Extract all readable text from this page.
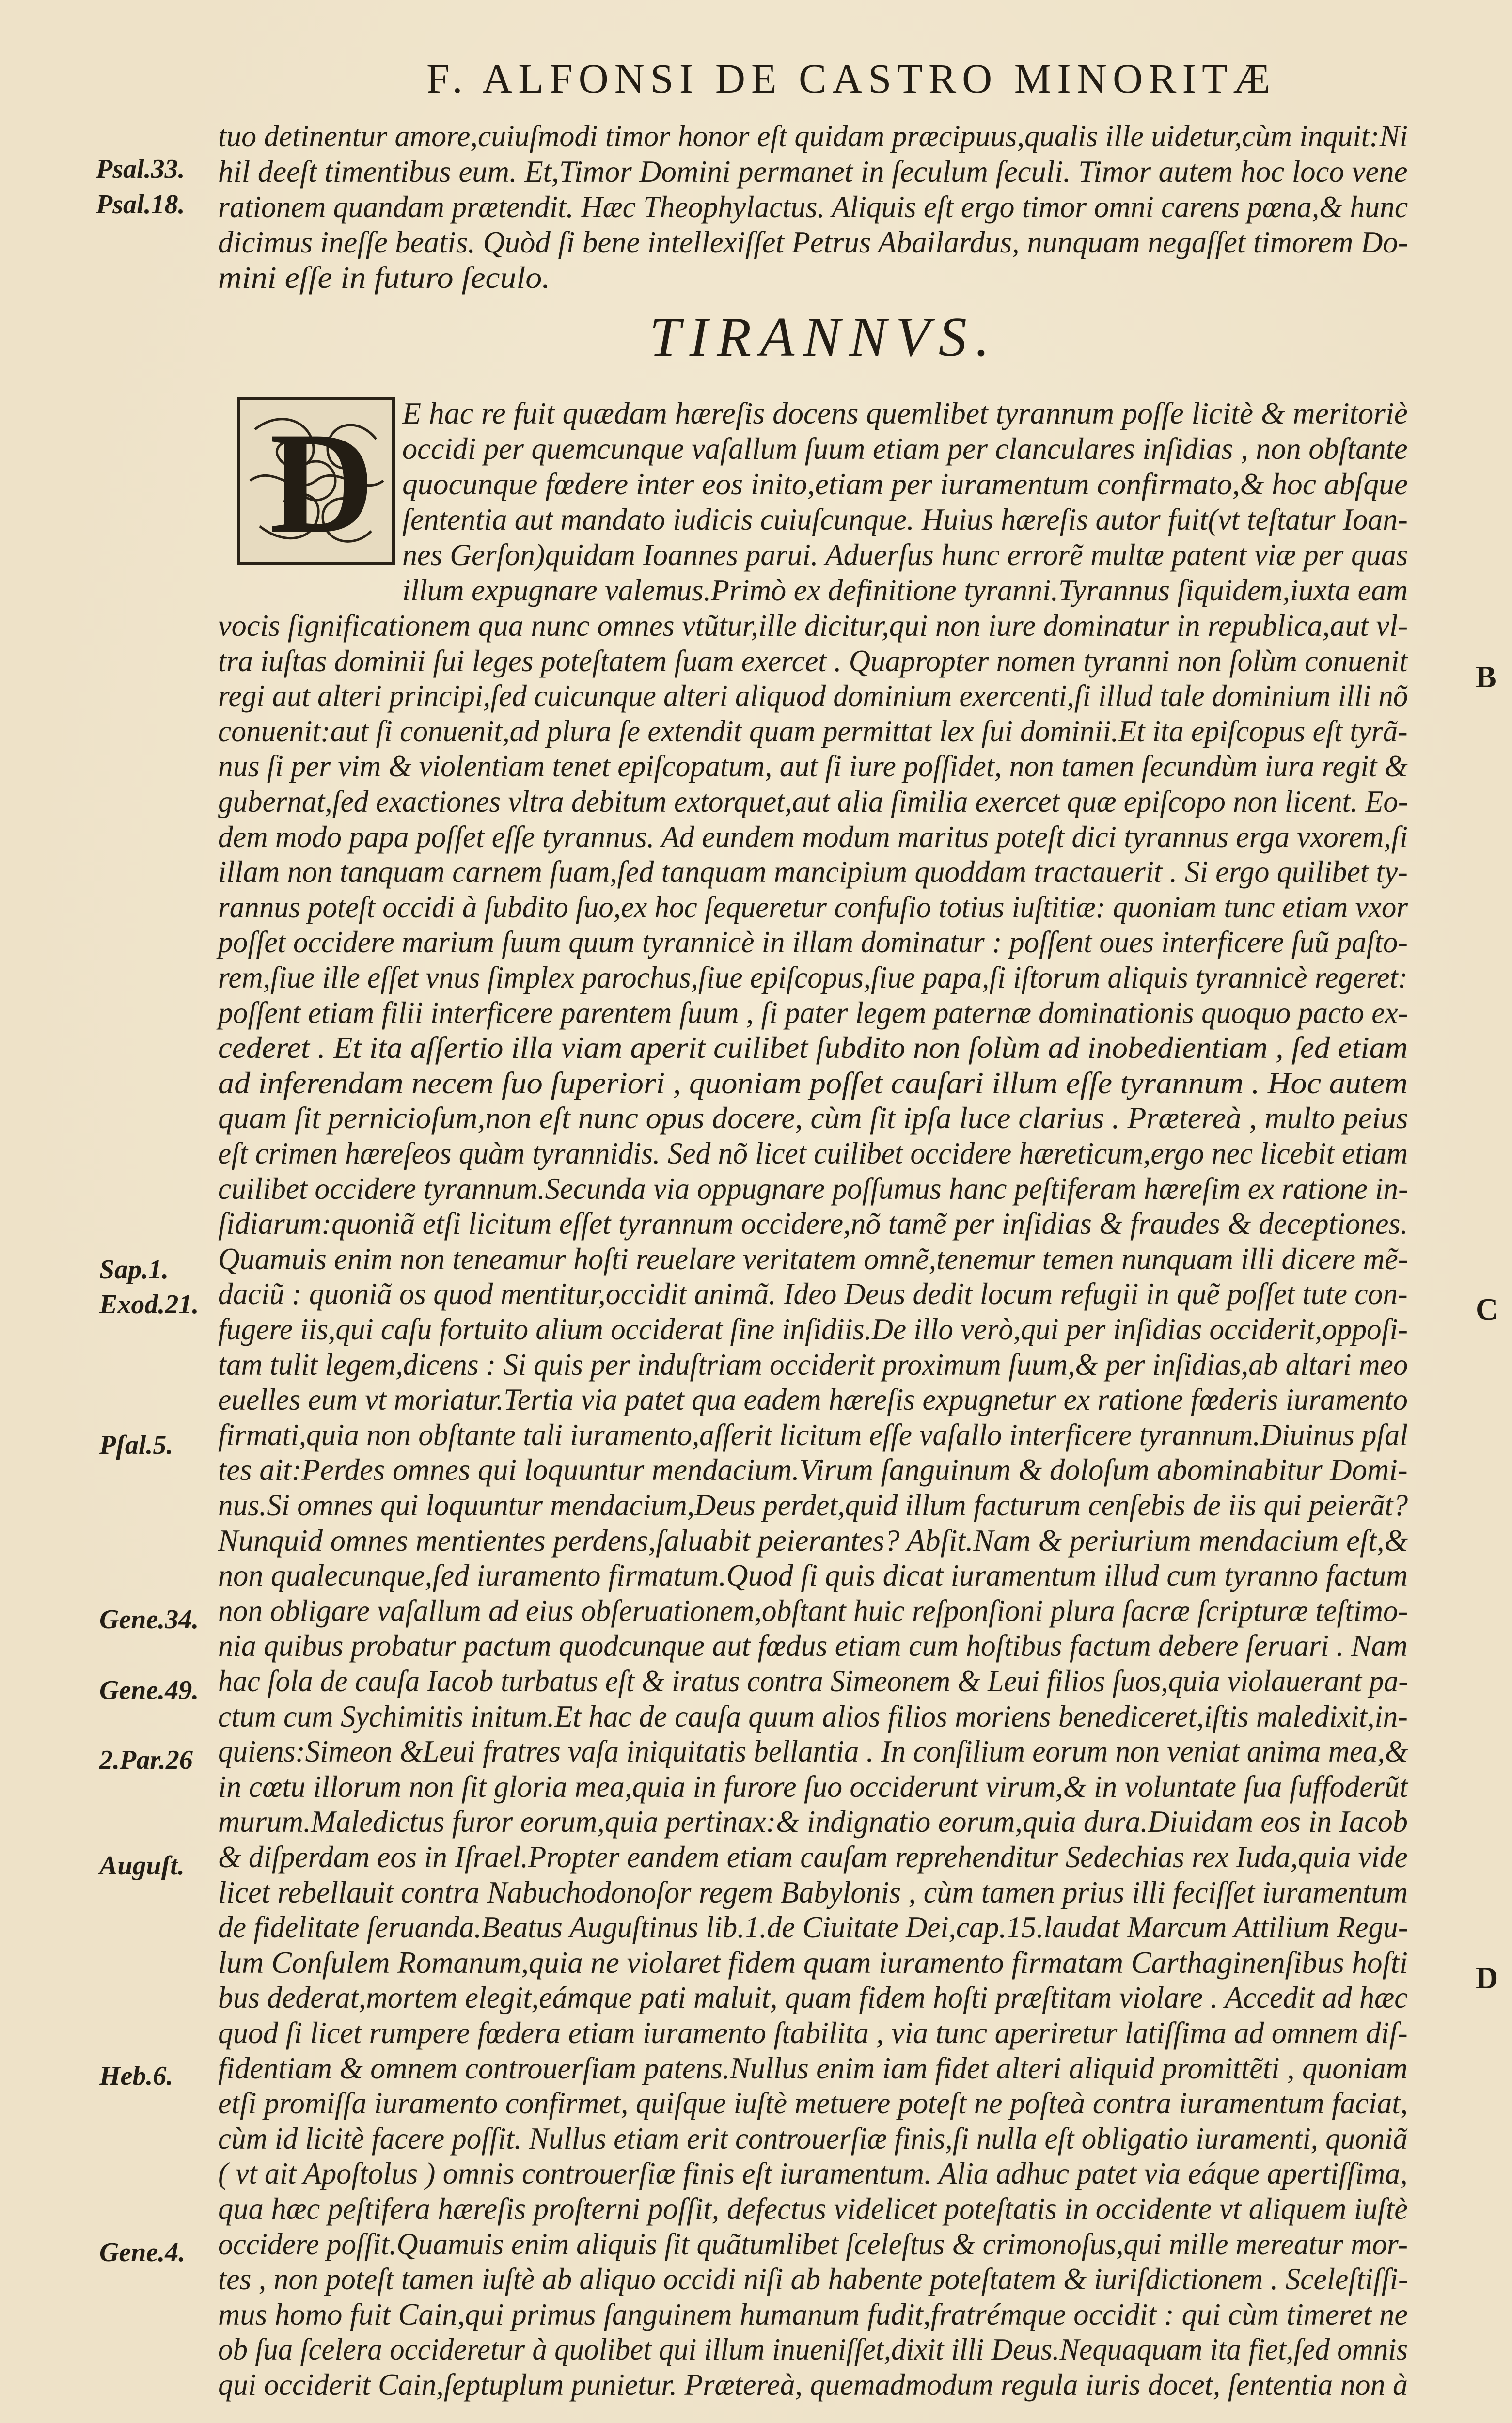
F. ALFONSI DE CASTRO MINORITÆ
Psal.33.
Psal.18.
tuo detinentur amore,cuiuſmodi timor honor eſt quidam præcipuus,qualis ille uidetur,cùm inquit:Ni
hil deeſt timentibus eum. Et,Timor Domini permanet in ſeculum ſeculi. Timor autem hoc loco vene
rationem quandam prætendit. Hæc Theophylactus. Aliquis eſt ergo timor omni carens pœna,& hunc
dicimus ineſſe beatis. Quòd ſi bene intellexiſſet Petrus Abailardus, nunquam negaſſet timorem Do-
mini eſſe in futuro ſeculo.
TIRANNVS.
D E hac re fuit quædam hæreſis docens quemlibet tyrannum poſſe licitè & meritoriè
occidi per quemcunque vaſallum ſuum etiam per clanculares inſidias , non obſtante
quocunque fœdere inter eos inito,etiam per iuramentum confirmato,& hoc abſque
ſententia aut mandato iudicis cuiuſcunque. Huius hæreſis autor fuit(vt teſtatur Ioan-
nes Gerſon)quidam Ioannes parui. Aduerſus hunc errorẽ multæ patent viæ per quas
illum expugnare valemus.Primò ex definitione tyranni.Tyrannus ſiquidem,iuxta eam
vocis ſignificationem qua nunc omnes vtũtur,ille dicitur,qui non iure dominatur in republica,aut vl-
tra iuſtas dominii ſui leges poteſtatem ſuam exercet . Quapropter nomen tyranni non ſolùm conuenit
regi aut alteri principi,ſed cuicunque alteri aliquod dominium exercenti,ſi illud tale dominium illi nõ
conuenit:aut ſi conuenit,ad plura ſe extendit quam permittat lex ſui dominii.Et ita epiſcopus eſt tyrã-
nus ſi per vim & violentiam tenet epiſcopatum, aut ſi iure poſſidet, non tamen ſecundùm iura regit &
gubernat,ſed exactiones vltra debitum extorquet,aut alia ſimilia exercet quæ epiſcopo non licent. Eo-
dem modo papa poſſet eſſe tyrannus. Ad eundem modum maritus poteſt dici tyrannus erga vxorem,ſi
illam non tanquam carnem ſuam,ſed tanquam mancipium quoddam tractauerit . Si ergo quilibet ty-
rannus poteſt occidi à ſubdito ſuo,ex hoc ſequeretur confuſio totius iuſtitiæ: quoniam tunc etiam vxor
poſſet occidere marium ſuum quum tyrannicè in illam dominatur : poſſent oues interficere ſuũ paſto-
rem,ſiue ille eſſet vnus ſimplex parochus,ſiue epiſcopus,ſiue papa,ſi iſtorum aliquis tyrannicè regeret:
poſſent etiam filii interficere parentem ſuum , ſi pater legem paternæ dominationis quoquo pacto ex-
cederet . Et ita aſſertio illa viam aperit cuilibet ſubdito non ſolùm ad inobedientiam , ſed etiam
ad inferendam necem ſuo ſuperiori , quoniam poſſet cauſari illum eſſe tyrannum . Hoc autem
quam ſit pernicioſum,non eſt nunc opus docere, cùm ſit ipſa luce clarius . Prætereà , multo peius
eſt crimen hæreſeos quàm tyrannidis. Sed nõ licet cuilibet occidere hæreticum,ergo nec licebit etiam
cuilibet occidere tyrannum.Secunda via oppugnare poſſumus hanc peſtiferam hæreſim ex ratione in-
ſidiarum:quoniã etſi licitum eſſet tyrannum occidere,nõ tamẽ per inſidias & fraudes & deceptiones.
Quamuis enim non teneamur hoſti reuelare veritatem omnẽ,tenemur temen nunquam illi dicere mẽ-
daciũ : quoniã os quod mentitur,occidit animã. Ideo Deus dedit locum refugii in quẽ poſſet tute con-
fugere iis,qui caſu fortuito alium occiderat ſine inſidiis.De illo verò,qui per inſidias occiderit,oppoſi-
tam tulit legem,dicens : Si quis per induſtriam occiderit proximum ſuum,& per inſidias,ab altari meo
euelles eum vt moriatur.Tertia via patet qua eadem hæreſis expugnetur ex ratione fœderis iuramento
firmati,quia non obſtante tali iuramento,aſſerit licitum eſſe vaſallo interficere tyrannum.Diuinus pſal
tes ait:Perdes omnes qui loquuntur mendacium.Virum ſanguinum & doloſum abominabitur Domi-
nus.Si omnes qui loquuntur mendacium,Deus perdet,quid illum facturum cenſebis de iis qui peierãt?
Nunquid omnes mentientes perdens,ſaluabit peierantes? Abſit.Nam & periurium mendacium eſt,&
non qualecunque,ſed iuramento firmatum.Quod ſi quis dicat iuramentum illud cum tyranno factum
non obligare vaſallum ad eius obſeruationem,obſtant huic reſponſioni plura ſacræ ſcripturæ teſtimo-
nia quibus probatur pactum quodcunque aut fœdus etiam cum hoſtibus factum debere ſeruari . Nam
hac ſola de cauſa Iacob turbatus eſt & iratus contra Simeonem & Leui filios ſuos,quia violauerant pa-
ctum cum Sychimitis initum.Et hac de cauſa quum alios filios moriens benediceret,iſtis maledixit,in-
quiens:Simeon &Leui fratres vaſa iniquitatis bellantia . In conſilium eorum non veniat anima mea,&
in cœtu illorum non ſit gloria mea,quia in furore ſuo occiderunt virum,& in voluntate ſua ſuffoderũt
murum.Maledictus furor eorum,quia pertinax:& indignatio eorum,quia dura.Diuidam eos in Iacob
& diſperdam eos in Iſrael.Propter eandem etiam cauſam reprehenditur Sedechias rex Iuda,quia vide
licet rebellauit contra Nabuchodonoſor regem Babylonis , cùm tamen prius illi feciſſet iuramentum
de fidelitate ſeruanda.Beatus Auguſtinus lib.1.de Ciuitate Dei,cap.15.laudat Marcum Attilium Regu-
lum Conſulem Romanum,quia ne violaret fidem quam iuramento firmatam Carthaginenſibus hoſti
bus dederat,mortem elegit,eámque pati maluit, quam fidem hoſti præſtitam violare . Accedit ad hæc
quod ſi licet rumpere fœdera etiam iuramento ſtabilita , via tunc aperiretur latiſſima ad omnem diſ-
fidentiam & omnem controuerſiam patens.Nullus enim iam fidet alteri aliquid promittẽti , quoniam
etſi promiſſa iuramento confirmet, quiſque iuſtè metuere poteſt ne poſteà contra iuramentum faciat,
cùm id licitè facere poſſit. Nullus etiam erit controuerſiæ finis,ſi nulla eſt obligatio iuramenti, quoniã
( vt ait Apoſtolus ) omnis controuerſiæ finis eſt iuramentum. Alia adhuc patet via eáque apertiſſima,
qua hæc peſtifera hæreſis proſterni poſſit, defectus videlicet poteſtatis in occidente vt aliquem iuſtè
occidere poſſit.Quamuis enim aliquis ſit quãtumlibet ſceleſtus & crimonoſus,qui mille mereatur mor-
tes , non poteſt tamen iuſtè ab aliquo occidi niſi ab habente poteſtatem & iuriſdictionem . Sceleſtiſſi-
mus homo fuit Cain,qui primus ſanguinem humanum fudit,fratrémque occidit : qui cùm timeret ne
ob ſua ſcelera occideretur à quolibet qui illum inueniſſet,dixit illi Deus.Nequaquam ita fiet,ſed omnis
qui occiderit Cain,ſeptuplum punietur. Prætereà, quemadmodum regula iuris docet, ſententia non à
B
C
D
Sap.1.
Exod.21.
Pſal.5.
Gene.34.
Gene.49.
2.Par.26
Auguſt.
Heb.6.
Gene.4.
